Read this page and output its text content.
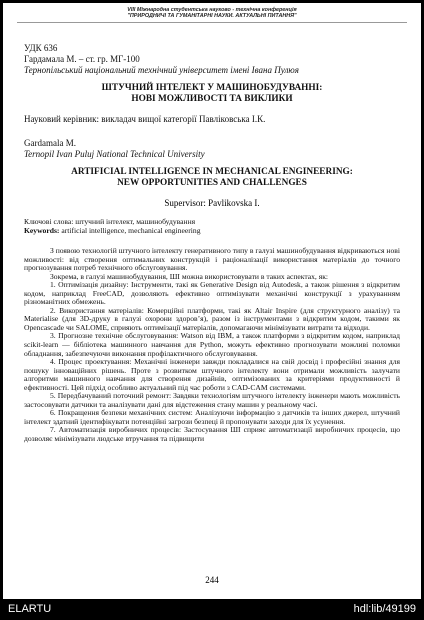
VIII Міжнародна студентська науково - технічна конференція
"ПРИРОДНИЧІ ТА ГУМАНІТАРНІ НАУКИ. АКТУАЛЬНІ ПИТАННЯ"
УДК 636
Гардамала М. – ст. гр. МГ-100
Тернопільський національний технічний університет імені Івана Пулюя
ШТУЧНИЙ ІНТЕЛЕКТ У МАШИНОБУДУВАННІ:
НОВІ МОЖЛИВОСТІ ТА ВИКЛИКИ
Науковий керівник: викладач вищої категорії Павліковська І.К.
Gardamala M.
Ternopil Ivan Puluj National Technical University
ARTIFICIAL INTELLIGENCE IN MECHANICAL ENGINEERING:
NEW OPPORTUNITIES AND CHALLENGES
Supervisor: Pavlikovska I.
Ключові слова: штучний інтелект, машинобудування
Keywords: artificial intelligence, mechanical engineering

З появою технологій штучного інтелекту генеративного типу в галузі машинобудування відкриваються нові можливості: від створення оптимальних конструкцій і раціоналізації використання матеріалів до точного прогнозування потреб технічного обслуговування.

Зокрема, в галузі машинобудування, ШІ можна використовувати в таких аспектах, як:

1. Оптимізація дизайну: Інструменти, такі як Generative Design від Autodesk, а також рішення з відкритим кодом, наприклад FreeCAD, дозволяють ефективно оптимізувати механічні конструкції з урахуванням різноманітних обмежень.

2. Використання матеріалів: Комерційні платформи, такі як Altair Inspire (для структурного аналізу) та Materialise (для 3D-друку в галузі охорони здоров’я), разом із інструментами з відкритим кодом, такими як Opencascade чи SALOME, сприяють оптимізації матеріалів, допомагаючи мінімізувати витрати та відходи.

3. Прогнозне технічне обслуговування: Watson від IBM, а також платформи з відкритим кодом, наприклад scikit-learn — бібліотека машинного навчання для Python, можуть ефективно прогнозувати можливі поломки обладнання, забезпечуючи виконання профілактичного обслуговування.

4. Процес проектування: Механічні інженери завжди покладалися на свій досвід і професійні знання для пошуку інноваційних рішень. Проте з розвитком штучного інтелекту вони отримали можливість залучати алгоритми машинного навчання для створення дизайнів, оптимізованих за критеріями продуктивності й ефективності. Цей підхід особливо актуальний під час роботи з CAD-CAM системами.

5. Передбачуваний поточний ремонт: Завдяки технологіям штучного інтелекту інженери мають можливість застосовувати датчики та аналізувати дані для відстеження стану машин у реальному часі.

6. Покращення безпеки механічних систем: Аналізуючи інформацію з датчиків та інших джерел, штучний інтелект здатний ідентифікувати потенційні загрози безпеці й пропонувати заходи для їх усунення.

7. Автоматизація виробничих процесів: Застосування ШІ сприяє автоматизації виробничих процесів, що дозволяє мінімізувати людське втручання та підвищити

244
ELARTU	hdl:lib/49199
